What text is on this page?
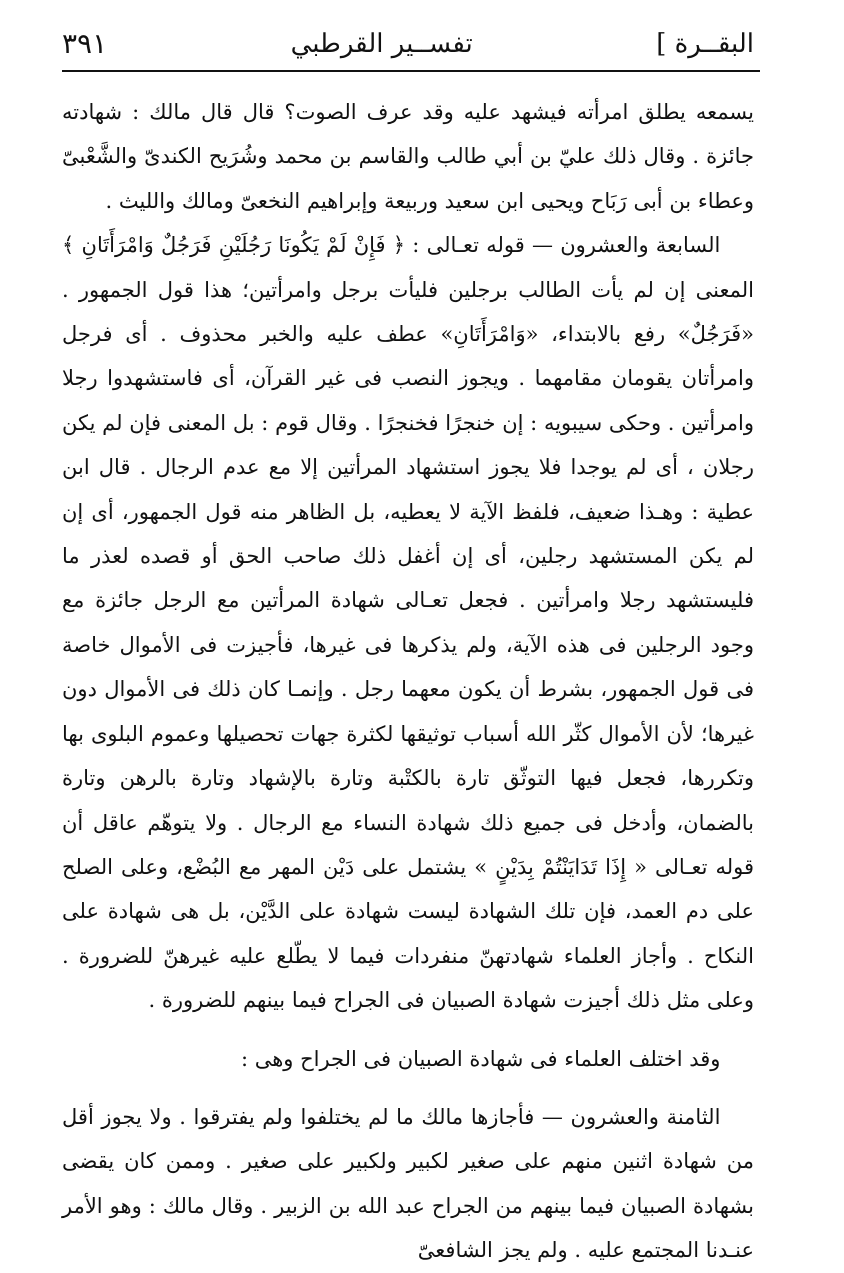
البقــرة ]
تفســير القرطبي
٣٩١

يسمعه يطلق امرأته فيشهد عليه وقد عرف الصوت؟ قال قال مالك : شهادته جائزة . وقال ذلك عليّ بن أبي طالب والقاسم بن محمد وشُرَيح الكندىّ والشَّعْبىّ وعطاء بن أبى رَبَاح ويحيى ابن سعيد وربيعة وإبراهيم النخعىّ ومالك والليث .

السابعة والعشرون — قوله تعـالى : ﴿ فَإِنْ لَمْ يَكُونَا رَجُلَيْنِ فَرَجُلٌ وَامْرَأَتَانِ ﴾ المعنى إن لم يأت الطالب برجلين فليأت برجل وامرأتين؛ هذا قول الجمهور . «فَرَجُلٌ» رفع بالابتداء، «وَامْرَأَتَانِ» عطف عليه والخبر محذوف . أى فرجل وامرأتان يقومان مقامهما . ويجوز النصب فى غير القرآن، أى فاستشهدوا رجلا وامرأتين . وحكى سيبويه : إن خنجرًا فخنجرًا . وقال قوم : بل المعنى فإن لم يكن رجلان ، أى لم يوجدا فلا يجوز استشهاد المرأتين إلا مع عدم الرجال . قال ابن عطية : وهـذا ضعيف، فلفظ الآية لا يعطيه، بل الظاهر منه قول الجمهور، أى إن لم يكن المستشهد رجلين، أى إن أغفل ذلك صاحب الحق أو قصده لعذر ما فليستشهد رجلا وامرأتين . فجعل تعـالى شهادة المرأتين مع الرجل جائزة مع وجود الرجلين فى هذه الآية، ولم يذكرها فى غيرها، فأجيزت فى الأموال خاصة فى قول الجمهور، بشرط أن يكون معهما رجل . وإنمـا كان ذلك فى الأموال دون غيرها؛ لأن الأموال كثّر الله أسباب توثيقها لكثرة جهات تحصيلها وعموم البلوى بها وتكررها، فجعل فيها التوثّق تارة بالكتْبة وتارة بالإشهاد وتارة بالرهن وتارة بالضمان، وأدخل فى جميع ذلك شهادة النساء مع الرجال . ولا يتوهّم عاقل أن قوله تعـالى « إِذَا تَدَايَنْتُمْ بِدَيْنٍ » يشتمل على دَيْن المهر مع البُضْع، وعلى الصلح على دم العمد، فإن تلك الشهادة ليست شهادة على الدَّيْن، بل هى شهادة على النكاح . وأجاز العلماء شهادتهنّ منفردات فيما لا يطّلع عليه غيرهنّ للضرورة . وعلى مثل ذلك أجيزت شهادة الصبيان فى الجراح فيما بينهم للضرورة .

وقد اختلف العلماء فى شهادة الصبيان فى الجراح وهى :

الثامنة والعشرون — فأجازها مالك ما لم يختلفوا ولم يفترقوا . ولا يجوز أقل من شهادة اثنين منهم على صغير لكبير ولكبير على صغير . وممن كان يقضى بشهادة الصبيان فيما بينهم من الجراح عبد الله بن الزبير . وقال مالك : وهو الأمر عنـدنا المجتمع عليه . ولم يجز الشافعىّ
